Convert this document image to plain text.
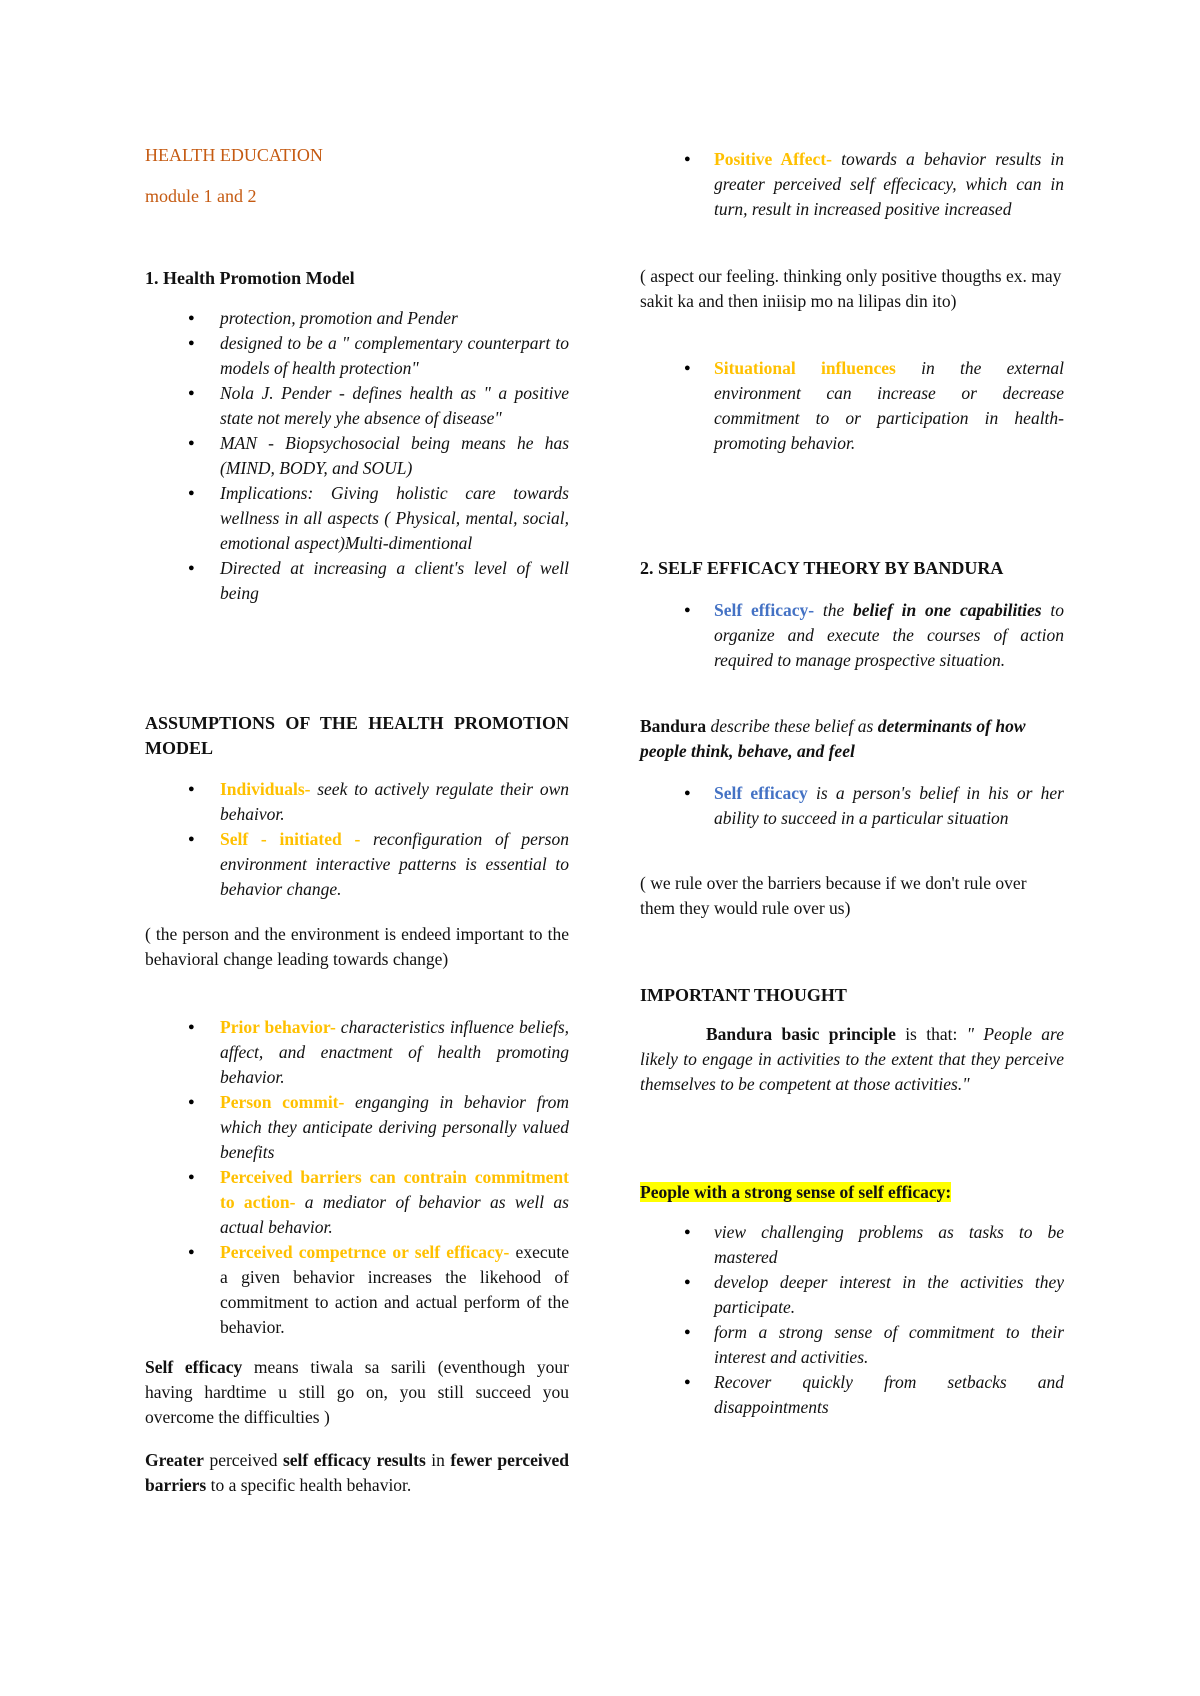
HEALTH EDUCATION
module 1 and 2
1. Health Promotion Model
● protection, promotion and Pender
● designed to be a " complementary counterpart to models of health protection"
● Nola J. Pender - defines health as " a positive state not merely yhe absence of disease"
● MAN - Biopsychosocial being means he has (MIND, BODY, and SOUL)
● Implications: Giving holistic care towards wellness in all aspects ( Physical, mental, social, emotional aspect)Multi-dimentional
● Directed at increasing a client's level of well being
ASSUMPTIONS OF THE HEALTH PROMOTION MODEL
● Individuals- seek to actively regulate their own behaivor.
● Self - initiated - reconfiguration of person environment interactive patterns is essential to behavior change.
( the person and the environment is endeed important to the behavioral change leading towards change)
● Prior behavior- characteristics influence beliefs, affect, and enactment of health promoting behavior.
● Person commit- enganging in behavior from which they anticipate deriving personally valued benefits
● Perceived barriers can contrain commitment to action- a mediator of behavior as well as actual behavior.
● Perceived competrnce or self efficacy- execute a given behavior increases the likehood of commitment to action and actual perform of the behavior.
Self efficacy means tiwala sa sarili (eventhough your having hardtime u still go on, you still succeed you overcome the difficulties )
Greater perceived self efficacy results in fewer perceived barriers to a specific health behavior.
● Positive Affect- towards a behavior results in greater perceived self effecicacy, which can in turn, result in increased positive increased
( aspect our feeling. thinking only positive thougths ex. may sakit ka and then iniisip mo na lilipas din ito)
● Situational influences in the external environment can increase or decrease commitment to or participation in health-promoting behavior.
2. SELF EFFICACY THEORY BY BANDURA
● Self efficacy- the belief in one capabilities to organize and execute the courses of action required to manage prospective situation.
Bandura describe these belief as determinants of how people think, behave, and feel
● Self efficacy is a person's belief in his or her ability to succeed in a particular situation
( we rule over the barriers because if we don't rule over them they would rule over us)
IMPORTANT THOUGHT
Bandura basic principle is that: " People are likely to engage in activities to the extent that they perceive themselves to be competent at those activities."
People with a strong sense of self efficacy:
● view challenging problems as tasks to be mastered
● develop deeper interest in the activities they participate.
● form a strong sense of commitment to their interest and activities.
● Recover quickly from setbacks and disappointments
